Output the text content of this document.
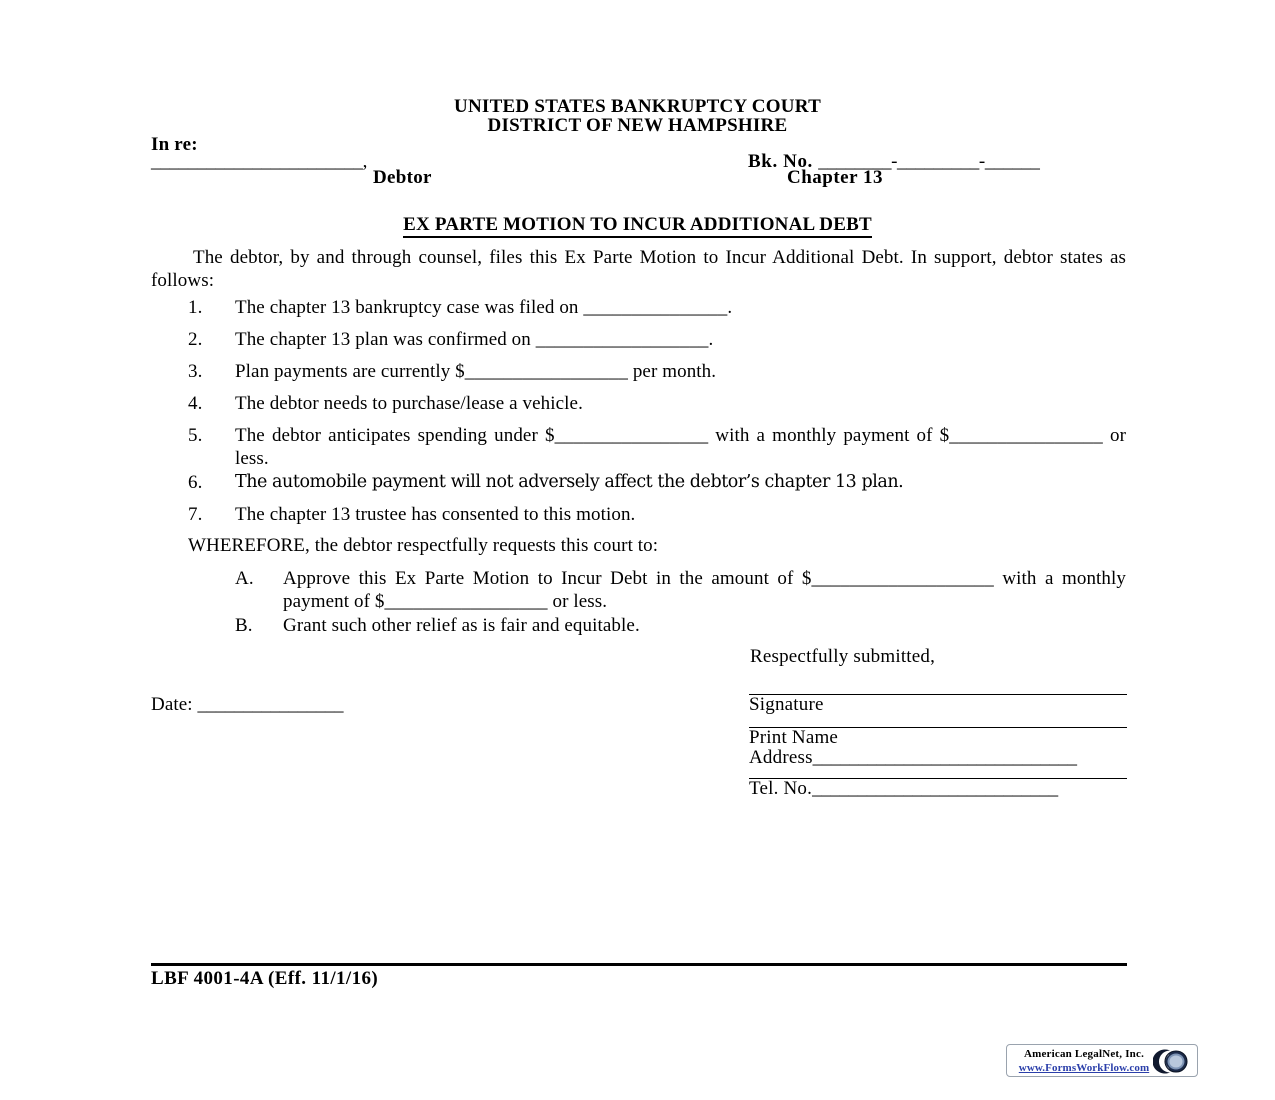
UNITED STATES BANKRUPTCY COURT
DISTRICT OF NEW HAMPSHIRE
In re:
_______________________,
Debtor
Bk. No. ________-_________-______
Chapter 13
EX PARTE MOTION TO INCUR ADDITIONAL DEBT
The debtor, by and through counsel, files this Ex Parte Motion to Incur Additional Debt. In support, debtor states as follows:
1.	The chapter 13 bankruptcy case was filed on _______________.
2.	The chapter 13 plan was confirmed on __________________.
3.	Plan payments are currently $_________________ per month.
4.	The debtor needs to purchase/lease a vehicle.
5.	The debtor anticipates spending under $________________ with a monthly payment of $________________ or less.
6.	The automobile payment will not adversely affect the debtor’s chapter 13 plan.
7.	The chapter 13 trustee has consented to this motion.
WHEREFORE, the debtor respectfully requests this court to:
A.	Approve this Ex Parte Motion to Incur Debt in the amount of $___________________ with a monthly payment of $_________________ or less.
B.	Grant such other relief as is fair and equitable.
Respectfully submitted,
Date: ________________	Signature
Print Name
Address_____________________________
Tel. No.___________________________
LBF 4001-4A (Eff. 11/1/16)
American LegalNet, Inc.
www.FormsWorkFlow.com
